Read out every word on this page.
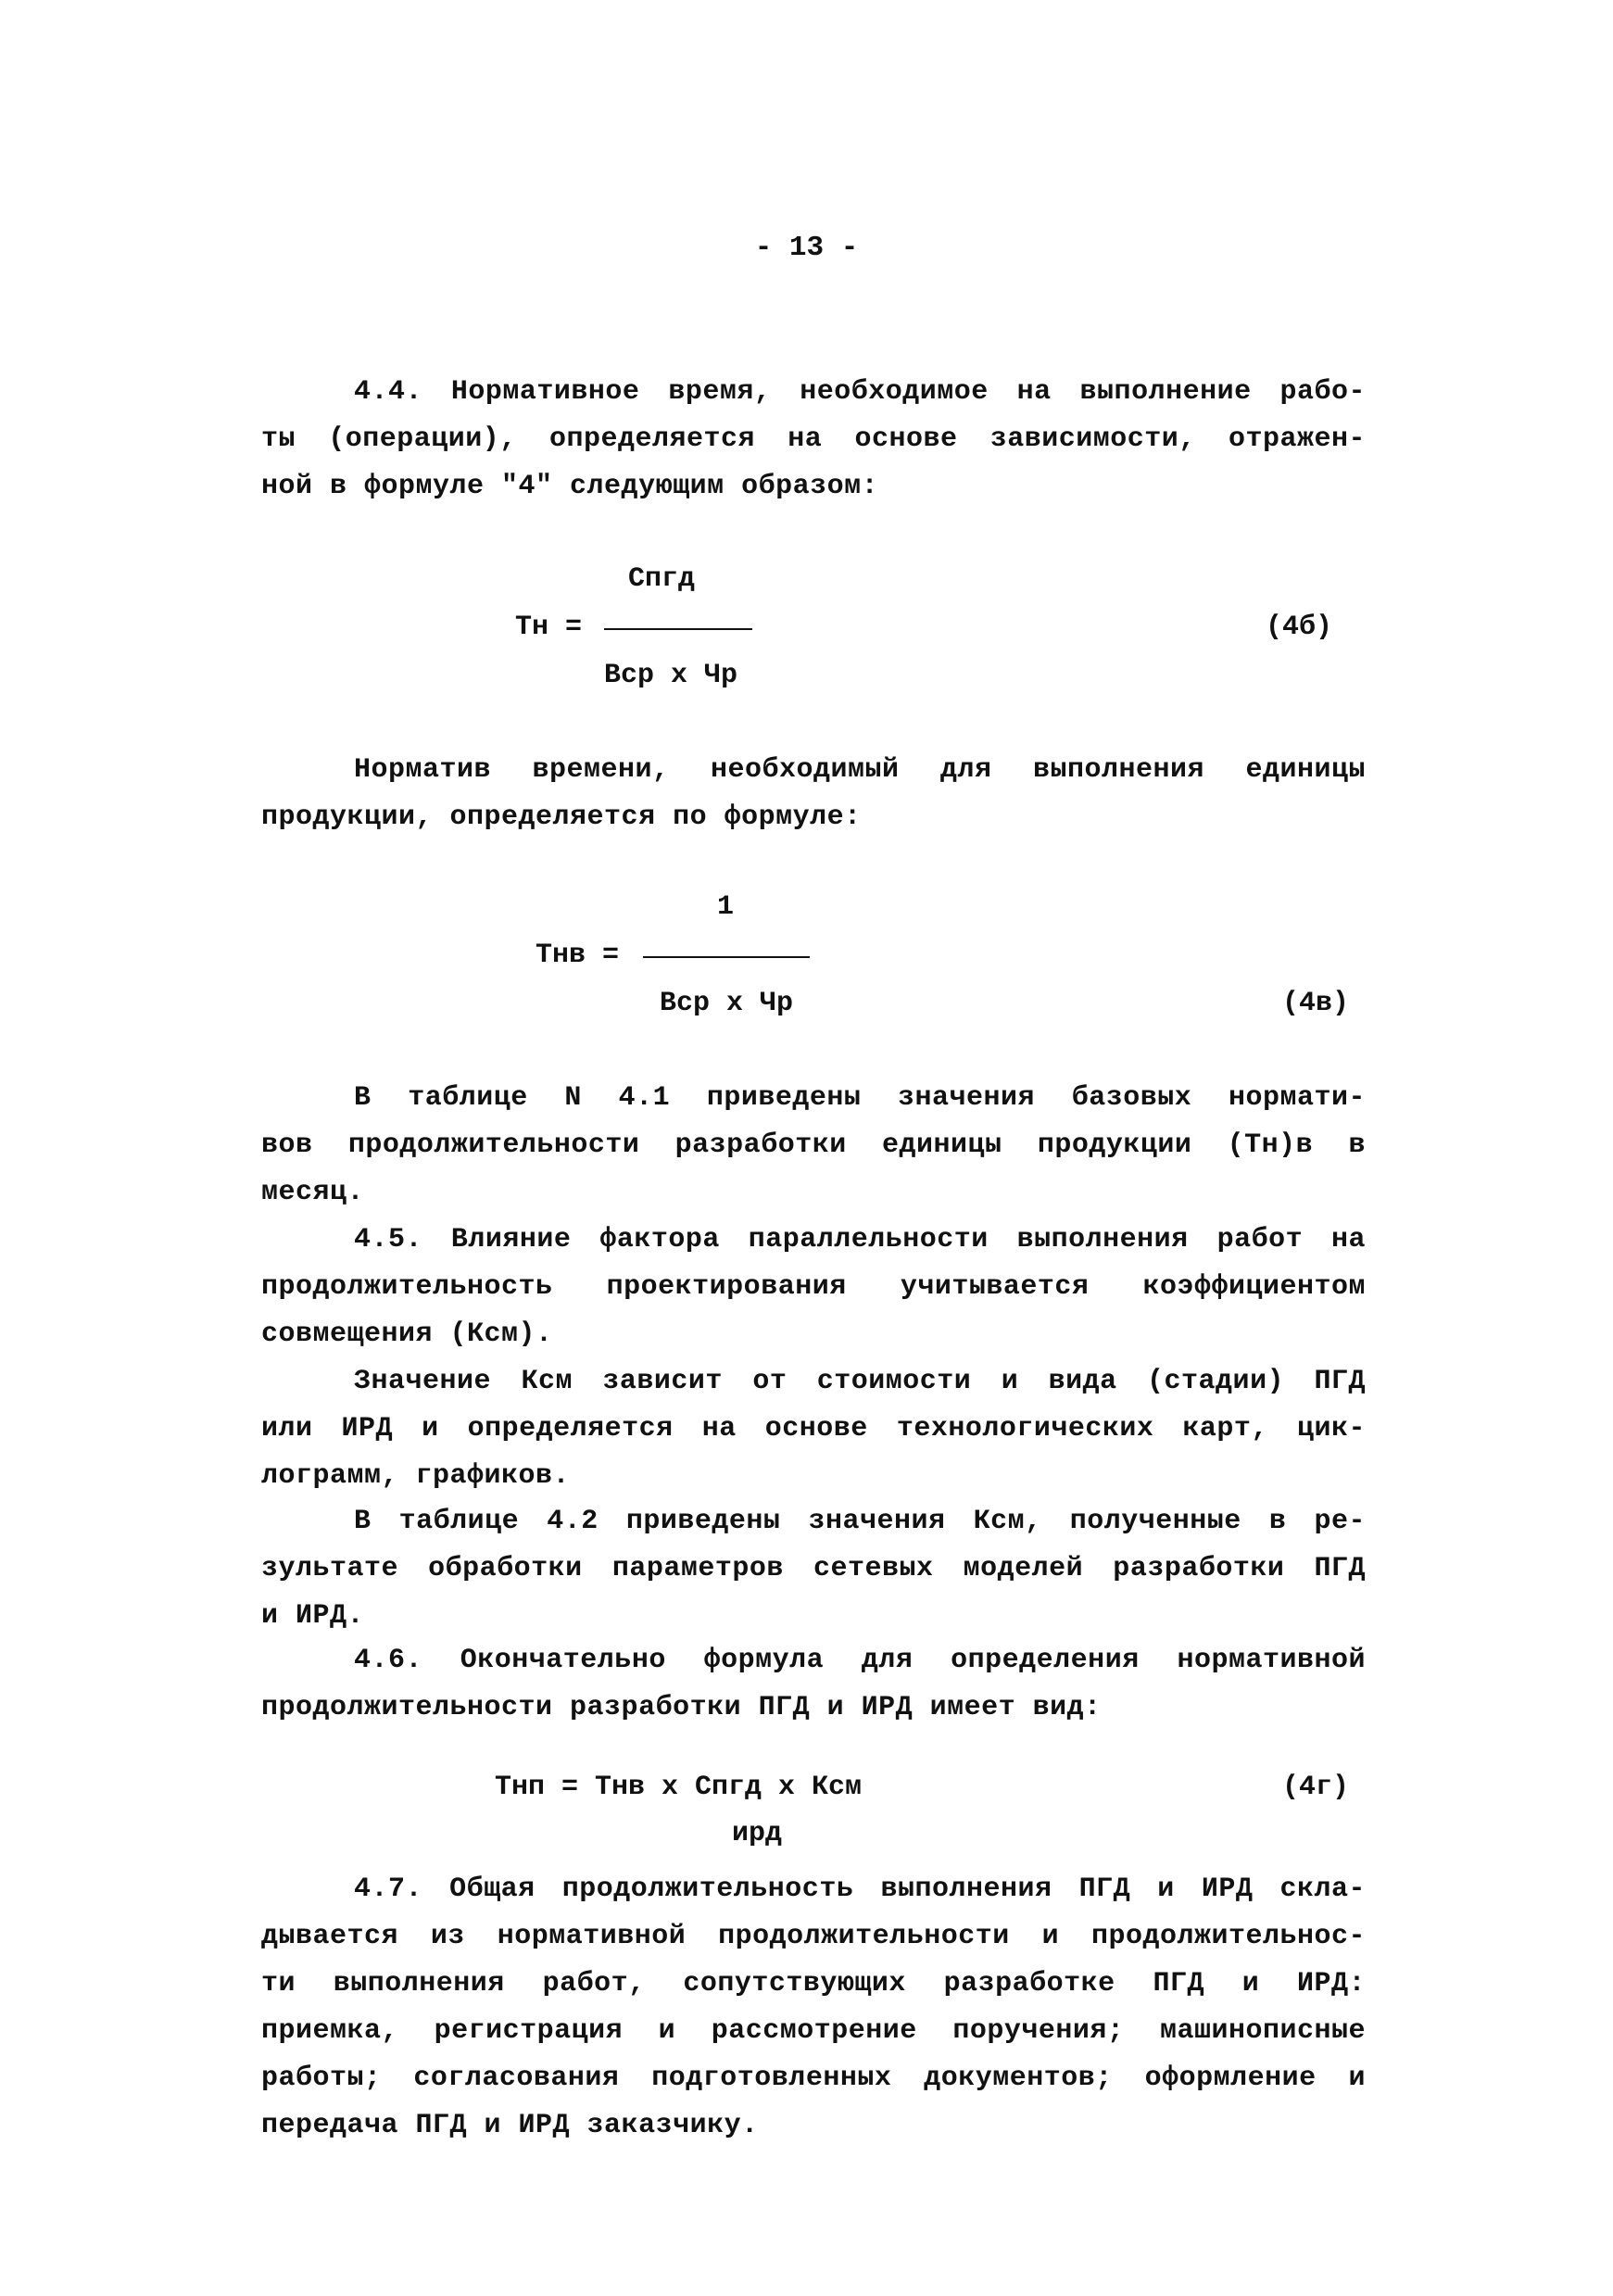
- 13 -
4.4. Нормативное время, необходимое на выполнение рабо-
ты (операции), определяется на основе зависимости, отражен-
ной в формуле "4" следующим образом:
Спгд
Тн =
Вср х Чр
(4б)
Норматив времени, необходимый для выполнения единицы
продукции, определяется по формуле:
1
Тнв =
Вср х Чр	(4в)
В таблице N 4.1 приведены значения базовых нормати-
вов продолжительности разработки единицы продукции (Тн)в в
месяц.
4.5. Влияние фактора параллельности выполнения работ на
продолжительность проектирования учитывается коэффициентом
совмещения (Ксм).
Значение Ксм зависит от стоимости и вида (стадии) ПГД
или ИРД и определяется на основе технологических карт, цик-
лограмм, графиков.
В таблице 4.2 приведены значения Ксм, полученные в ре-
зультате обработки параметров сетевых моделей разработки ПГД
и ИРД.
4.6. Окончательно формула для определения нормативной
продолжительности разработки ПГД и ИРД имеет вид:
Тнп = Тнв х Спгд х Ксм	(4г)
ирд
4.7. Общая продолжительность выполнения ПГД и ИРД скла-
дывается из нормативной продолжительности и продолжительнос-
ти выполнения работ, сопутствующих разработке ПГД и ИРД:
приемка, регистрация и рассмотрение поручения; машинописные
работы; согласования подготовленных документов; оформление и
передача ПГД и ИРД заказчику.
